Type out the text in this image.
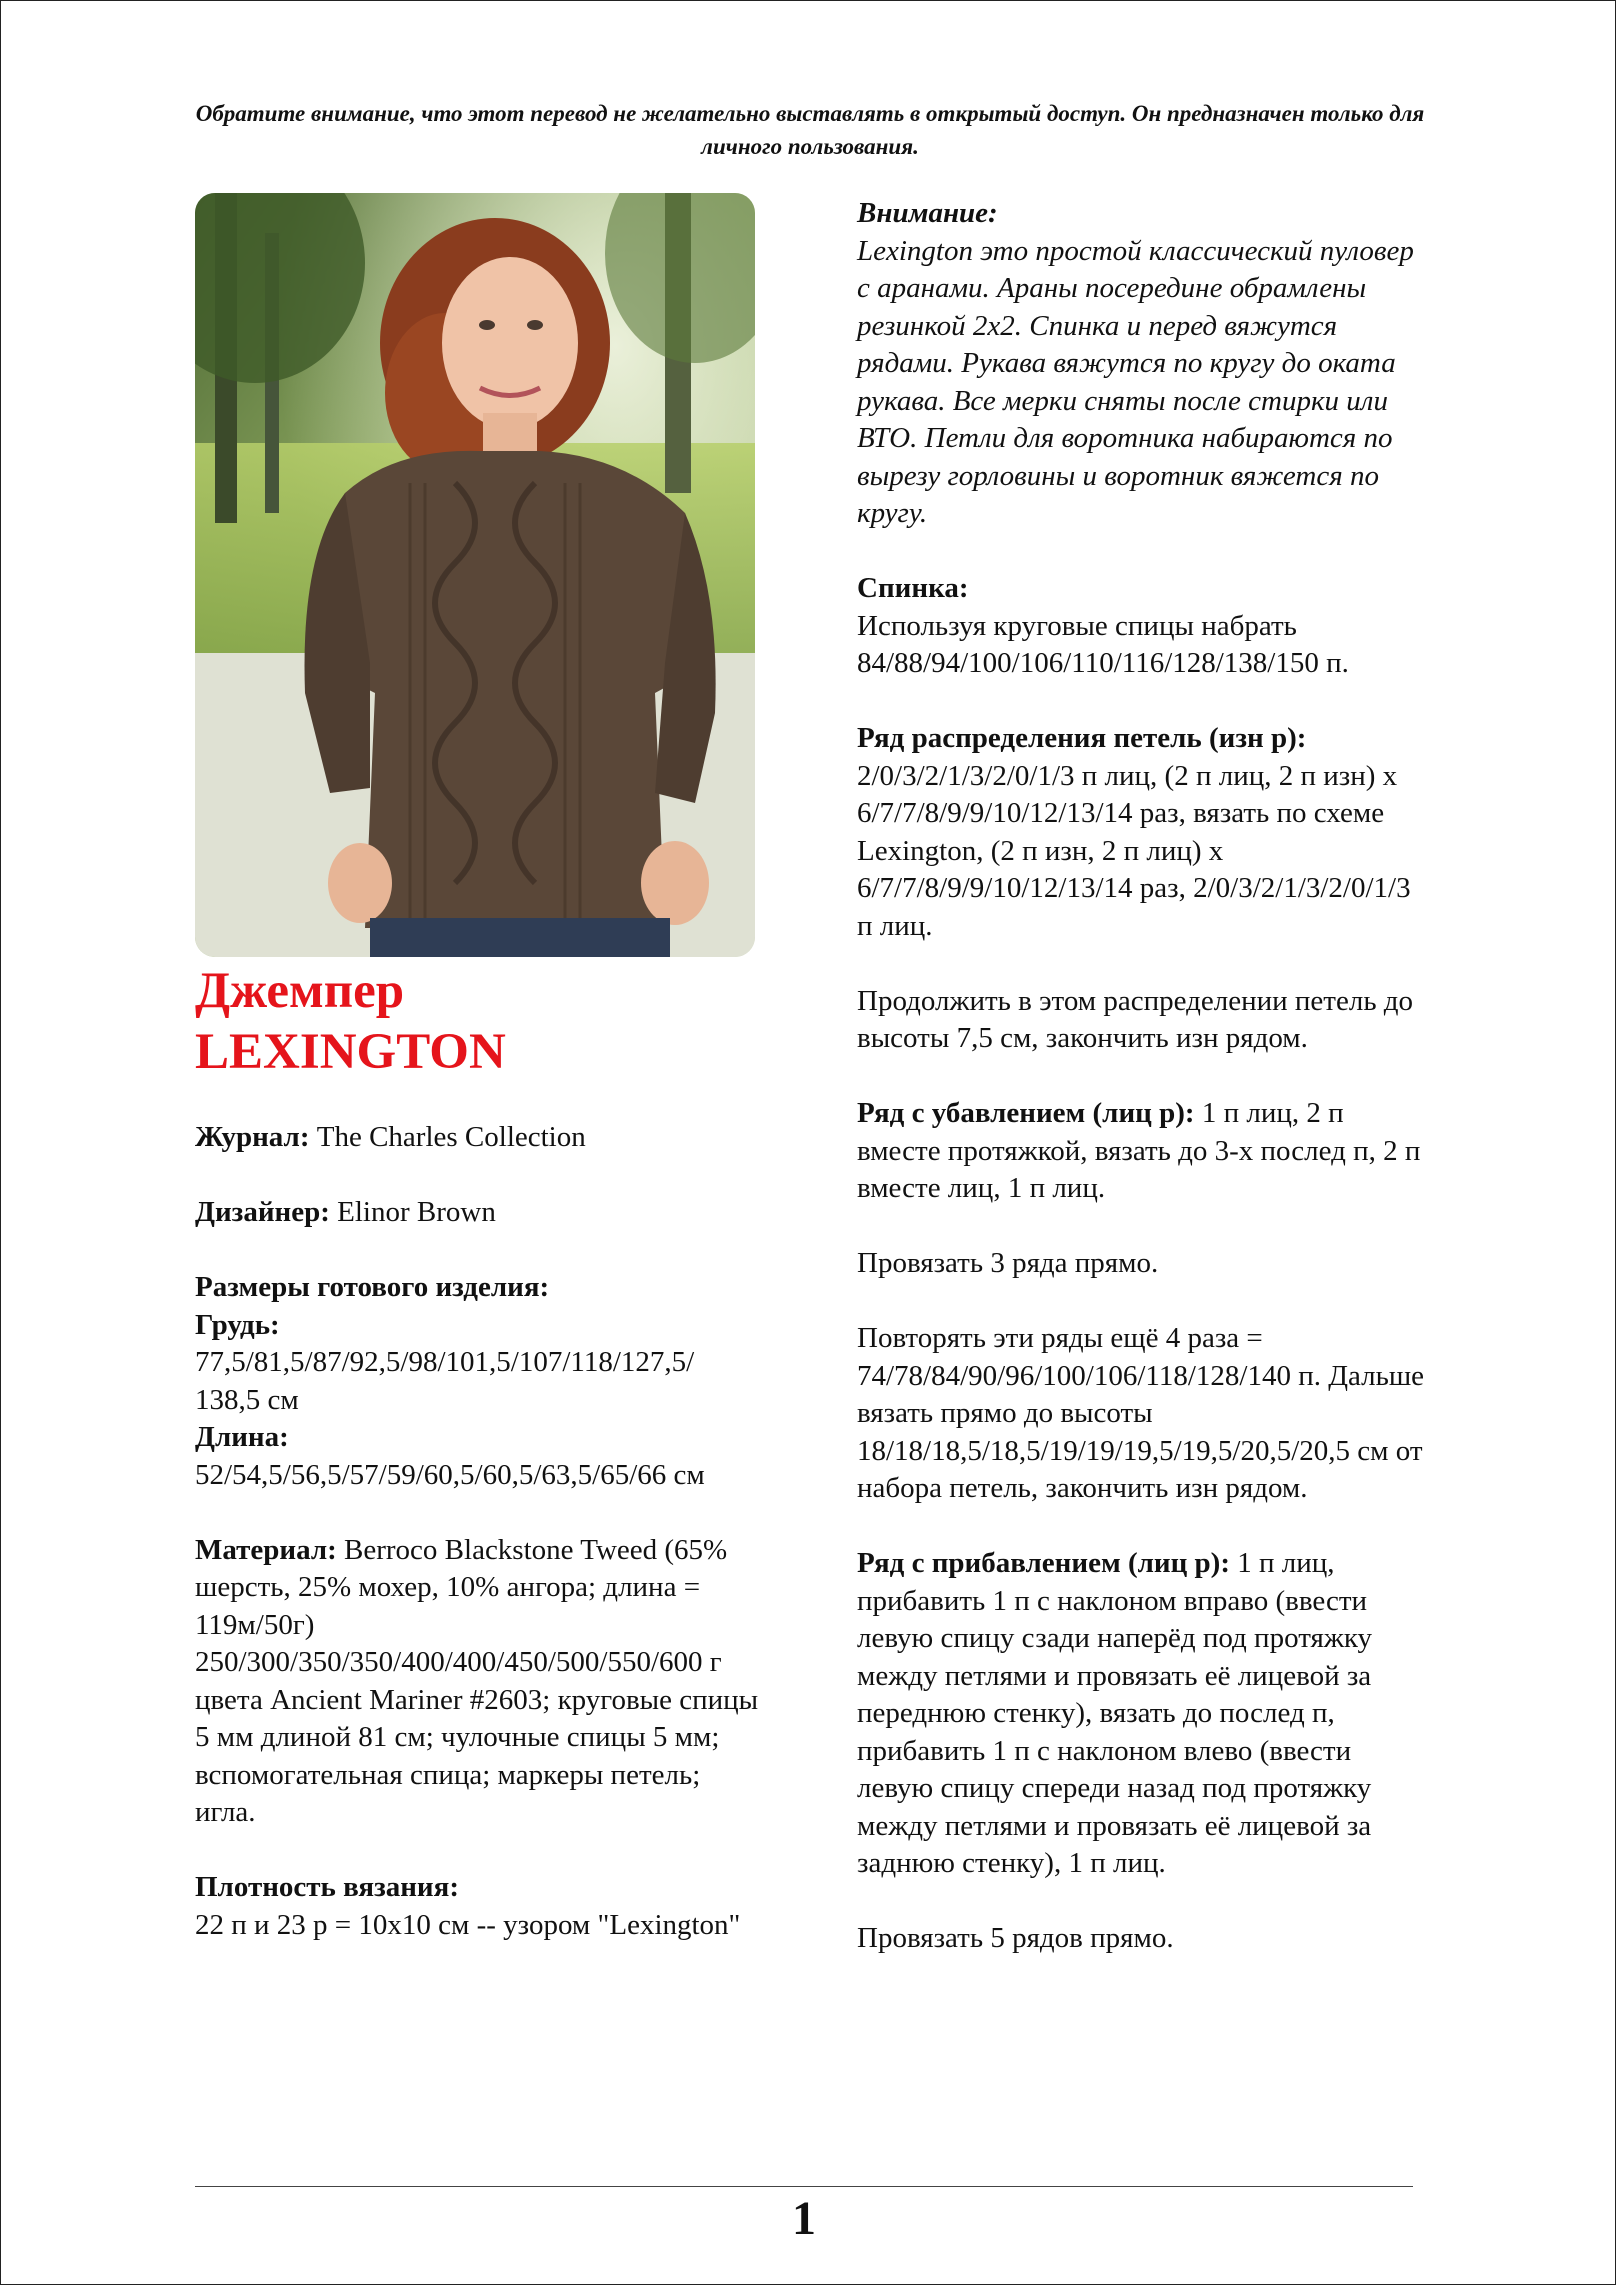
Обратите внимание, что этот перевод не желательно выставлять в открытый доступ. Он предназначен только для личного пользования.
Джемпер
LEXINGTON

Журнал: The Charles Collection

Дизайнер: Elinor Brown

Размеры готового изделия:
Грудь:
77,5/81,5/87/92,5/98/101,5/107/118/127,5/ 138,5 см
Длина:
52/54,5/56,5/57/59/60,5/60,5/63,5/65/66 см

Материал: Berroco Blackstone Tweed (65% шерсть, 25% мохер, 10% ангора; длина = 119м/50г) 250/300/350/350/400/400/450/500/550/600 г цвета Ancient Mariner #2603; круговые спицы 5 мм длиной 81 см; чулочные спицы 5 мм; вспомогательная спица; маркеры петель; игла.

Плотность вязания:
22 п и 23 р = 10х10 см -- узором "Lexington"

Внимание:
Lexington это простой классический пуловер с аранами. Араны посередине обрамлены резинкой 2х2. Спинка и перед вяжутся рядами. Рукава вяжутся по кругу до оката рукава. Все мерки сняты после стирки или ВТО. Петли для воротника набираются по вырезу горловины и воротник вяжется по кругу.

Спинка:
Используя круговые спицы набрать 84/88/94/100/106/110/116/128/138/150 п.

Ряд распределения петель (изн р):
2/0/3/2/1/3/2/0/1/3 п лиц, (2 п лиц, 2 п изн) х 6/7/7/8/9/9/10/12/13/14 раз, вязать по схеме Lexington, (2 п изн, 2 п лиц) х 6/7/7/8/9/9/10/12/13/14 раз, 2/0/3/2/1/3/2/0/1/3 п лиц.

Продолжить в этом распределении петель до высоты 7,5 см, закончить изн рядом.

Ряд с убавлением (лиц р): 1 п лиц, 2 п вместе протяжкой, вязать до 3-х послед п, 2 п вместе лиц, 1 п лиц.

Провязать 3 ряда прямо.

Повторять эти ряды ещё 4 раза = 74/78/84/90/96/100/106/118/128/140 п. Дальше вязать прямо до высоты 18/18/18,5/18,5/19/19/19,5/19,5/20,5/20,5 см от набора петель, закончить изн рядом.

Ряд с прибавлением (лиц р): 1 п лиц, прибавить 1 п с наклоном вправо (ввести левую спицу сзади наперёд под протяжку между петлями и провязать её лицевой за переднюю стенку), вязать до послед п, прибавить 1 п с наклоном влево (ввести левую спицу спереди назад под протяжку между петлями и провязать её лицевой за заднюю стенку), 1 п лиц.

Провязать 5 рядов прямо.

1
